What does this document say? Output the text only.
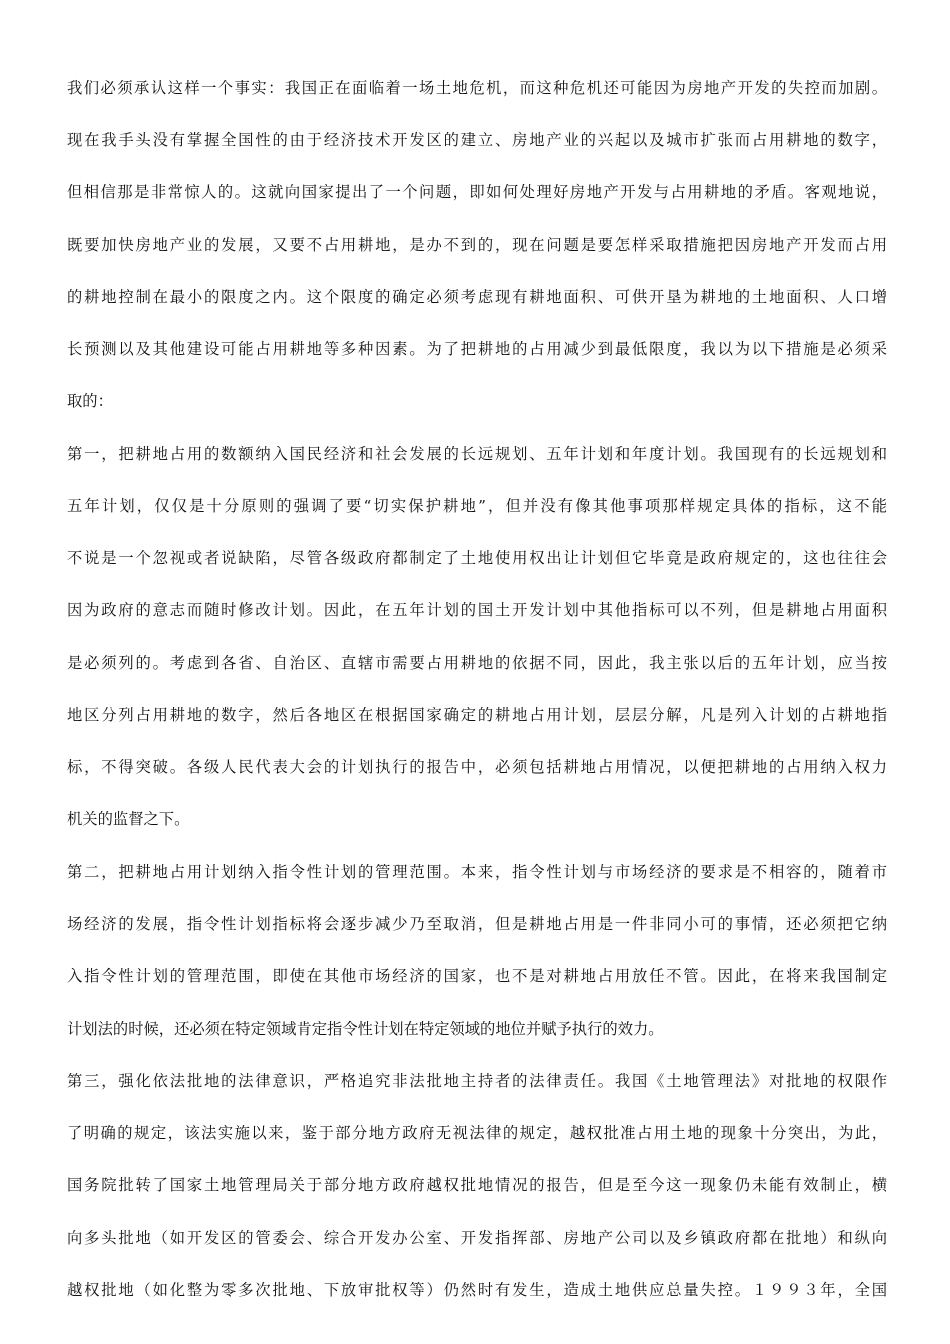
我们必须承认这样一个事实：我国正在面临着一场土地危机，而这种危机还可能因为房地产开发的失控而加剧。
现在我手头没有掌握全国性的由于经济技术开发区的建立、房地产业的兴起以及城市扩张而占用耕地的数字，
但相信那是非常惊人的。这就向国家提出了一个问题，即如何处理好房地产开发与占用耕地的矛盾。客观地说，
既要加快房地产业的发展，又要不占用耕地，是办不到的，现在问题是要怎样采取措施把因房地产开发而占用
的耕地控制在最小的限度之内。这个限度的确定必须考虑现有耕地面积、可供开垦为耕地的土地面积、人口增
长预测以及其他建设可能占用耕地等多种因素。为了把耕地的占用减少到最低限度，我以为以下措施是必须采
取的：
第一，把耕地占用的数额纳入国民经济和社会发展的长远规划、五年计划和年度计划。我国现有的长远规划和
五年计划，仅仅是十分原则的强调了要“切实保护耕地”，但并没有像其他事项那样规定具体的指标，这不能
不说是一个忽视或者说缺陷，尽管各级政府都制定了土地使用权出让计划但它毕竟是政府规定的，这也往往会
因为政府的意志而随时修改计划。因此，在五年计划的国土开发计划中其他指标可以不列，但是耕地占用面积
是必须列的。考虑到各省、自治区、直辖市需要占用耕地的依据不同，因此，我主张以后的五年计划，应当按
地区分列占用耕地的数字，然后各地区在根据国家确定的耕地占用计划，层层分解，凡是列入计划的占耕地指
标，不得突破。各级人民代表大会的计划执行的报告中，必须包括耕地占用情况，以便把耕地的占用纳入权力
机关的监督之下。
第二，把耕地占用计划纳入指令性计划的管理范围。本来，指令性计划与市场经济的要求是不相容的，随着市
场经济的发展，指令性计划指标将会逐步减少乃至取消，但是耕地占用是一件非同小可的事情，还必须把它纳
入指令性计划的管理范围，即使在其他市场经济的国家，也不是对耕地占用放任不管。因此，在将来我国制定
计划法的时候，还必须在特定领域肯定指令性计划在特定领域的地位并赋予执行的效力。
第三，强化依法批地的法律意识，严格追究非法批地主持者的法律责任。我国《土地管理法》对批地的权限作
了明确的规定，该法实施以来，鉴于部分地方政府无视法律的规定，越权批准占用土地的现象十分突出，为此，
国务院批转了国家土地管理局关于部分地方政府越权批地情况的报告，但是至今这一现象仍未能有效制止，横
向多头批地（如开发区的管委会、综合开发办公室、开发指挥部、房地产公司以及乡镇政府都在批地）和纵向
越权批地（如化整为零多次批地、下放审批权等）仍然时有发生，造成土地供应总量失控。１９９３年，全国
